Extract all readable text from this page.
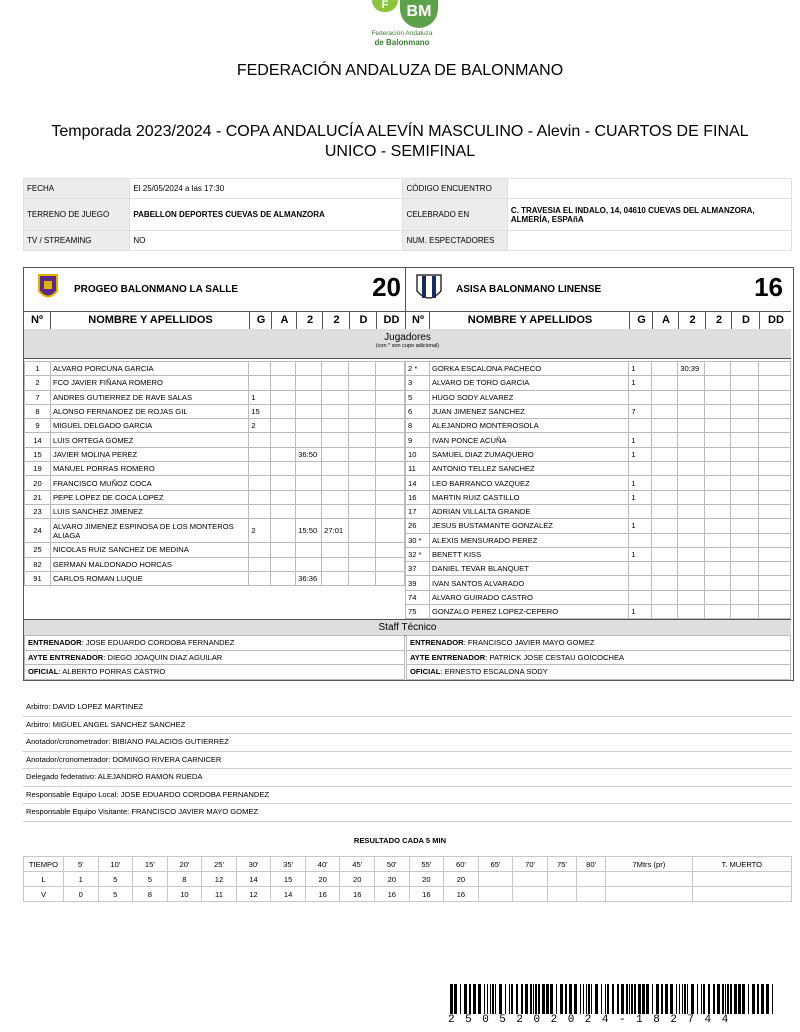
F	BM
Federación Andaluza
de Balonmano
FEDERACIÓN ANDALUZA DE BALONMANO
Temporada 2023/2024 - COPA ANDALUCÍA ALEVÍN MASCULINO - Alevin - CUARTOS DE FINAL UNICO - SEMIFINAL
FECHA	El 25/05/2024 a las 17:30	CÓDIGO ENCUENTRO	
TERRENO DE JUEGO	PABELLON DEPORTES CUEVAS DE ALMANZORA	CELEBRADO EN	C. TRAVESIA EL INDALO, 14, 04610 CUEVAS DEL ALMANZORA, ALMERÍA, ESPAñA
TV / STREAMING	NO	NUM. ESPECTADORES	
PROGEO BALONMANO LA SALLE	20	ASISA BALONMANO LINENSE	16
Nº	NOMBRE Y APELLIDOS	G	A	2	2	D	DD	Nº	NOMBRE Y APELLIDOS	G	A	2	2	D	DD
Jugadores
(con * son cupo adicional)
1	ALVARO PORCUNA GARCIA						
2	FCO JAVIER FIÑANA ROMERO						
7	ANDRES GUTIERREZ DE RAVE SALAS	1					
8	ALONSO FERNANDEZ DE ROJAS GIL	15					
9	MIGUEL DELGADO GARCIA	2					
14	LUIS ORTEGA GOMEZ						
15	JAVIER MOLINA PEREZ			36:50			
19	MANUEL PORRAS ROMERO						
20	FRANCISCO MUÑOZ COCA						
21	PEPE LOPEZ DE COCA LOPEZ						
23	LUIS SANCHEZ JIMENEZ						
24	ALVARO JIMENEZ ESPINOSA DE LOS MONTEROS ALIAGA	2		15:50	27:01		
25	NICOLAS RUIZ SANCHEZ DE MEDINA						
82	GERMAN MALDONADO HORCAS						
91	CARLOS ROMAN LUQUE			36:36			
2 *	GORKA ESCALONA PACHECO	1		30:39			
3	ALVARO DE TORO GARCIA	1					
5	HUGO SODY ALVAREZ						
6	JUAN JIMENEZ SANCHEZ	7					
8	ALEJANDRO MONTEROSOLA						
9	IVAN PONCE ACUÑA	1					
10	SAMUEL DIAZ ZUMAQUERO	1					
11	ANTONIO TELLEZ SANCHEZ						
14	LEO BARRANCO VAZQUEZ	1					
16	MARTIN RUIZ CASTILLO	1					
17	ADRIAN VILLALTA GRANDE						
26	JESUS BUSTAMANTE GONZALEZ	1					
30 *	ALEXIS MENSURADO PEREZ						
32 *	BENETT KISS	1					
37	DANIEL TEVAR BLANQUET						
39	IVAN SANTOS ALVARADO						
74	ALVARO GUIRADO CASTRO						
75	GONZALO PEREZ LOPEZ-CEPERO	1					
Staff Técnico
ENTRENADOR: JOSE EDUARDO CORDOBA FERNANDEZ
AYTE ENTRENADOR: DIEGO JOAQUIN DIAZ AGUILAR
OFICIAL: ALBERTO PORRAS CASTRO
ENTRENADOR: FRANCISCO JAVIER MAYO GOMEZ
AYTE ENTRENADOR: PATRICK JOSE CESTAU GOICOCHEA
OFICIAL: ERNESTO ESCALONA SODY
Arbitro: DAVID LOPEZ MARTINEZ
Arbitro: MIGUEL ANGEL SANCHEZ SANCHEZ
Anotador/cronometrador: BIBIANO PALACIOS GUTIERREZ
Anotador/cronometrador: DOMINGO RIVERA CARNICER
Delegado federativo: ALEJANDRO RAMON RUEDA
Responsable Equipo Local: JOSE EDUARDO CORDOBA FERNANDEZ
Responsable Equipo Visitante: FRANCISCO JAVIER MAYO GOMEZ
RESULTADO CADA 5 MIN
TIEMPO	5'	10'	15'	20'	25'	30'	35'	40'	45'	50'	55'	60'	65'	70'	75'	80'	7Mtrs (pr)	T. MUERTO
L	1	5	5	8	12	14	15	20	20	20	20	20						
V	0	5	8	10	11	12	14	16	16	16	16	16						
2505202024-182744
